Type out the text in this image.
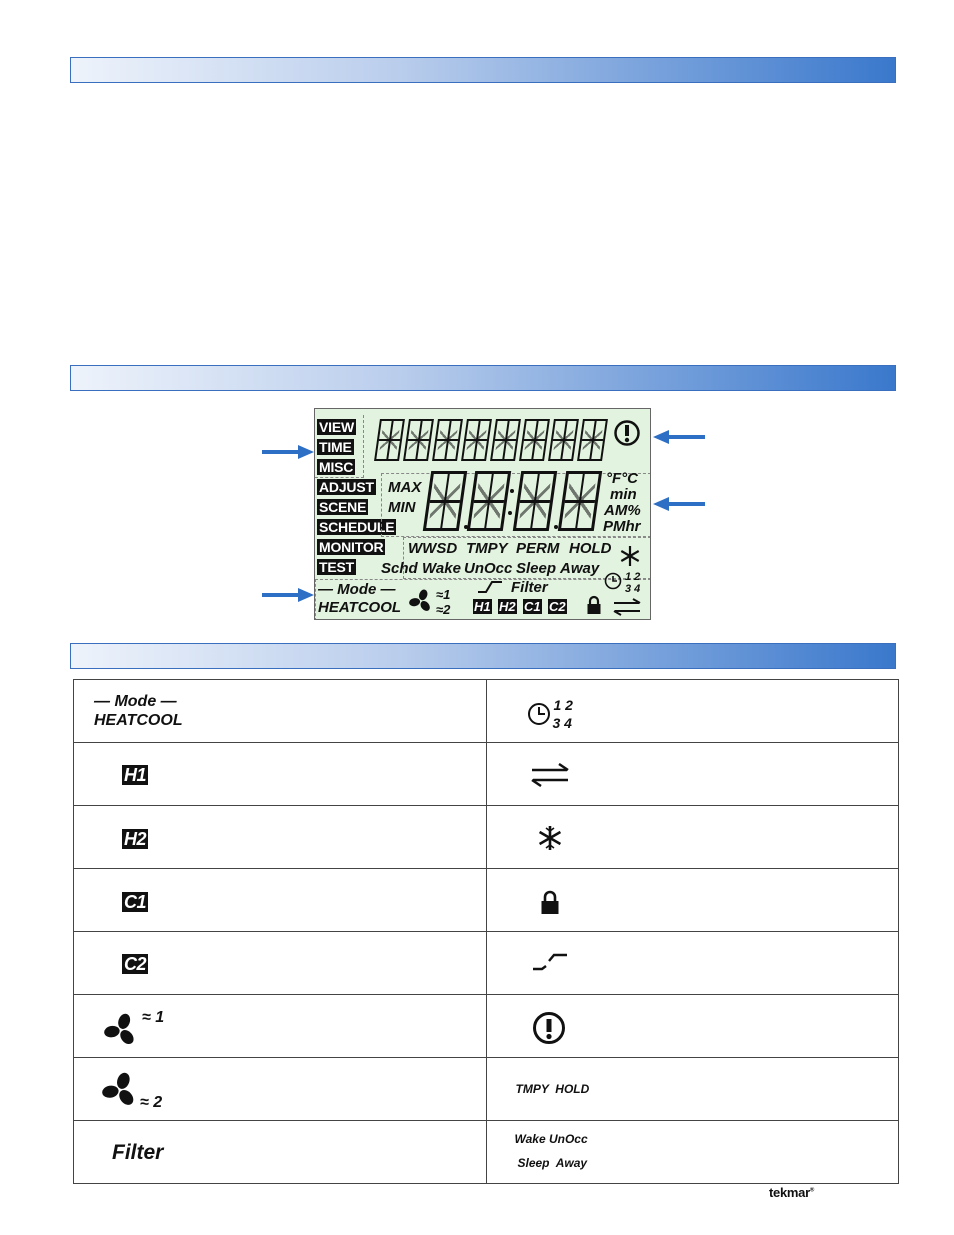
VIEW
TIME
MISC
ADJUST
SCENE
SCHEDULE
MONITOR
TEST
MAX
MIN
°F°C
min
AM%
PMhr
WWSD TMPY PERM HOLD
Schd Wake UnOcc Sleep Away
— Mode —
HEATCOOL
≈1
≈2
Filter
H1 H2 C1 C2
1 2
3 4
— Mode —
HEATCOOL	1 2
3 4

H1

H2

C1

C2

≈ 1

≈ 2	TMPY  HOLD

Filter	Wake UnOcc
Sleep  Away
tekmar®
